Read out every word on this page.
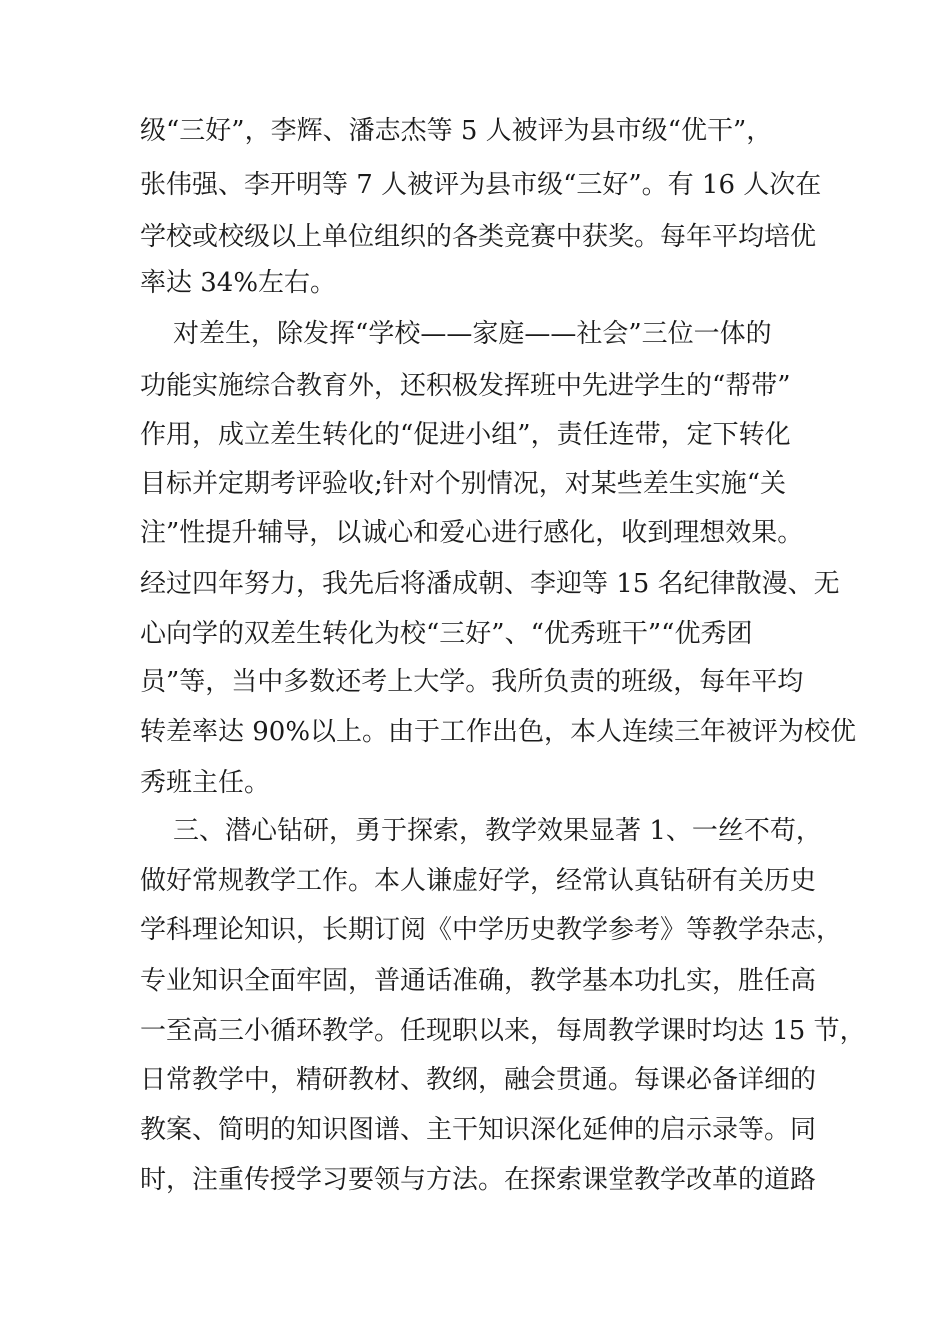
级“三好”，李辉、潘志杰等 5 人被评为县市级“优干”，
张伟强、李开明等 7 人被评为县市级“三好”。有 16 人次在
学校或校级以上单位组织的各类竞赛中获奖。每年平均培优
率达 34%左右。
对差生，除发挥“学校——家庭——社会”三位一体的
功能实施综合教育外，还积极发挥班中先进学生的“帮带”
作用，成立差生转化的“促进小组”，责任连带，定下转化
目标并定期考评验收;针对个别情况，对某些差生实施“关
注”性提升辅导，以诚心和爱心进行感化，收到理想效果。
经过四年努力，我先后将潘成朝、李迎等 15 名纪律散漫、无
心向学的双差生转化为校“三好”、“优秀班干”“优秀团
员”等，当中多数还考上大学。我所负责的班级，每年平均
转差率达 90%以上。由于工作出色，本人连续三年被评为校优
秀班主任。
三、潜心钻研，勇于探索，教学效果显著 1、一丝不苟，
做好常规教学工作。本人谦虚好学，经常认真钻研有关历史
学科理论知识，长期订阅《中学历史教学参考》等教学杂志，
专业知识全面牢固，普通话准确，教学基本功扎实，胜任高
一至高三小循环教学。任现职以来，每周教学课时均达 15 节，
日常教学中，精研教材、教纲，融会贯通。每课必备详细的
教案、简明的知识图谱、主干知识深化延伸的启示录等。同
时，注重传授学习要领与方法。在探索课堂教学改革的道路
